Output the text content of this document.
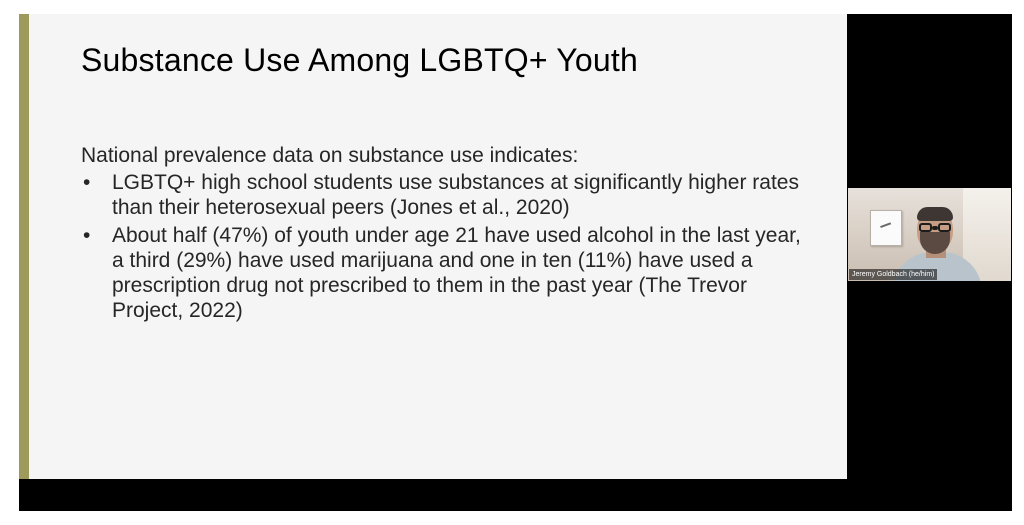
Substance Use Among LGBTQ+ Youth

National prevalence data on substance use indicates:

• LGBTQ+ high school students use substances at significantly higher rates than their heterosexual peers (Jones et al., 2020)
• About half (47%) of youth under age 21 have used alcohol in the last year, a third (29%) have used marijuana and one in ten (11%) have used a prescription drug not prescribed to them in the past year (The Trevor Project, 2022)
Jeremy Goldbach (he/him)
